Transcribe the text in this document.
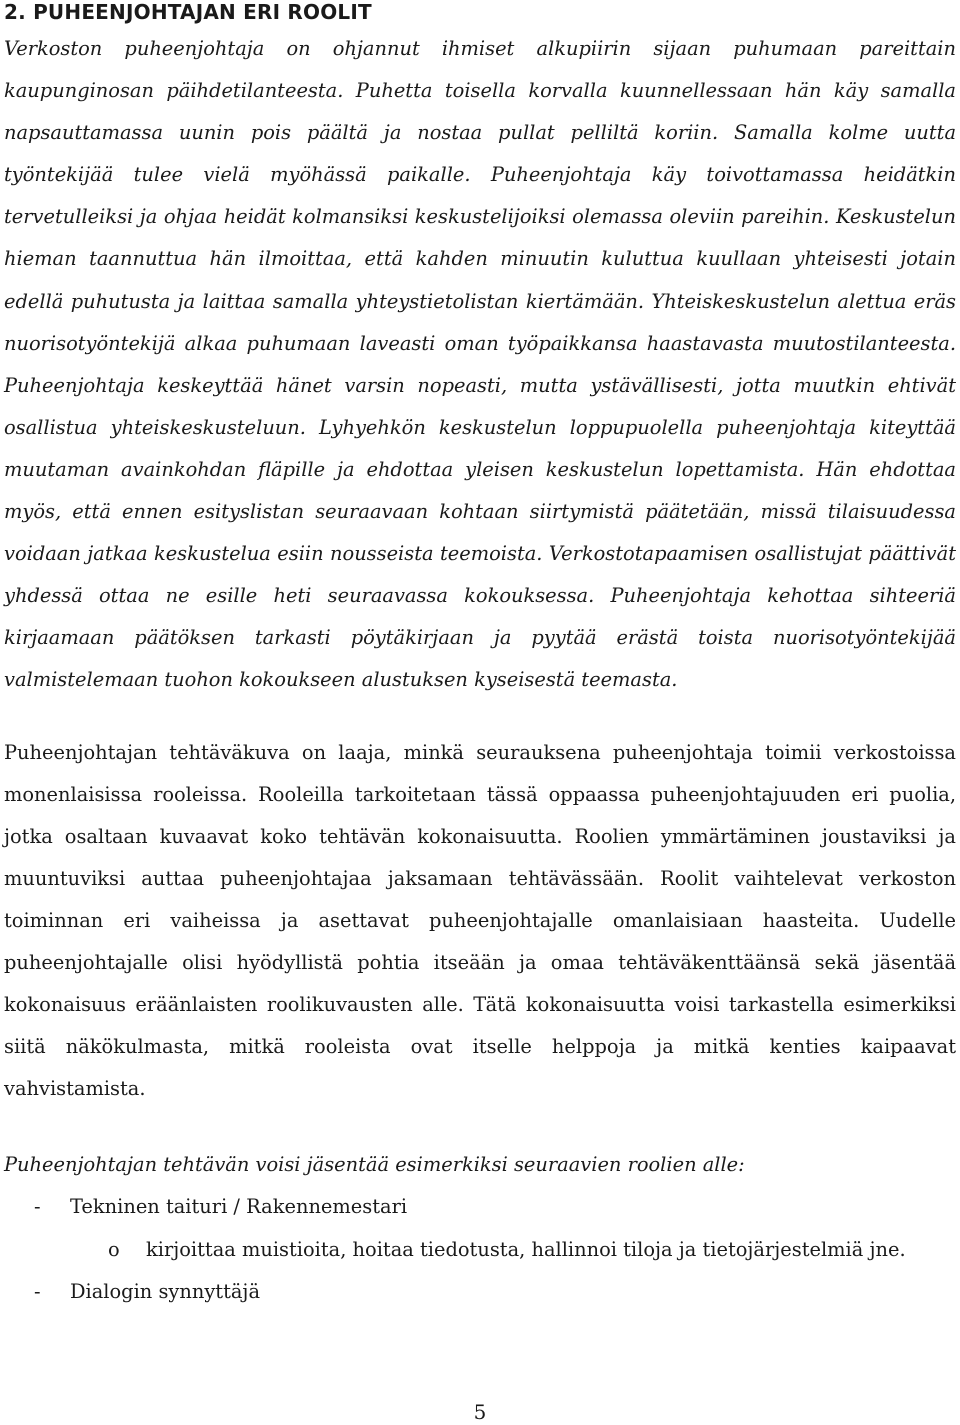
2. PUHEENJOHTAJAN ERI ROOLIT

Verkoston puheenjohtaja on ohjannut ihmiset alkupiirin sijaan puhumaan pareittain kaupunginosan päihdetilanteesta. Puhetta toisella korvalla kuunnellessaan hän käy samalla napsauttamassa uunin pois päältä ja nostaa pullat pelliltä koriin. Samalla kolme uutta työntekijää tulee vielä myöhässä paikalle. Puheenjohtaja käy toivottamassa heidätkin tervetulleiksi ja ohjaa heidät kolmansiksi keskustelijoiksi olemassa oleviin pareihin. Keskustelun hieman taannuttua hän ilmoittaa, että kahden minuutin kuluttua kuullaan yhteisesti jotain edellä puhutusta ja laittaa samalla yhteystietolistan kiertämään. Yhteiskeskustelun alettua eräs nuorisotyöntekijä alkaa puhumaan laveasti oman työpaikkansa haastavasta muutostilanteesta. Puheenjohtaja keskeyttää hänet varsin nopeasti, mutta ystävällisesti, jotta muutkin ehtivät osallistua yhteiskeskusteluun. Lyhyehkön keskustelun loppupuolella puheenjohtaja kiteyttää muutaman avainkohdan fläpille ja ehdottaa yleisen keskustelun lopettamista. Hän ehdottaa myös, että ennen esityslistan seuraavaan kohtaan siirtymistä päätetään, missä tilaisuudessa voidaan jatkaa keskustelua esiin nousseista teemoista. Verkostotapaamisen osallistujat päättivät yhdessä ottaa ne esille heti seuraavassa kokouksessa. Puheenjohtaja kehottaa sihteeriä kirjaamaan päätöksen tarkasti pöytäkirjaan ja pyytää erästä toista nuorisotyöntekijää valmistelemaan tuohon kokoukseen alustuksen kyseisestä teemasta.

Puheenjohtajan tehtäväkuva on laaja, minkä seurauksena puheenjohtaja toimii verkostoissa monenlaisissa rooleissa. Rooleilla tarkoitetaan tässä oppaassa puheenjohtajuuden eri puolia, jotka osaltaan kuvaavat koko tehtävän kokonaisuutta. Roolien ymmärtäminen joustaviksi ja muuntuviksi auttaa puheenjohtajaa jaksamaan tehtävässään. Roolit vaihtelevat verkoston toiminnan eri vaiheissa ja asettavat puheenjohtajalle omanlaisiaan haasteita. Uudelle puheenjohtajalle olisi hyödyllistä pohtia itseään ja omaa tehtäväkenttäänsä sekä jäsentää kokonaisuus eräänlaisten roolikuvausten alle. Tätä kokonaisuutta voisi tarkastella esimerkiksi siitä näkökulmasta, mitkä rooleista ovat itselle helppoja ja mitkä kenties kaipaavat vahvistamista.

Puheenjohtajan tehtävän voisi jäsentää esimerkiksi seuraavien roolien alle:

-	Tekninen taituri / Rakennemestari
o	kirjoittaa muistioita, hoitaa tiedotusta, hallinnoi tiloja ja tietojärjestelmiä jne.
-	Dialogin synnyttäjä
5
